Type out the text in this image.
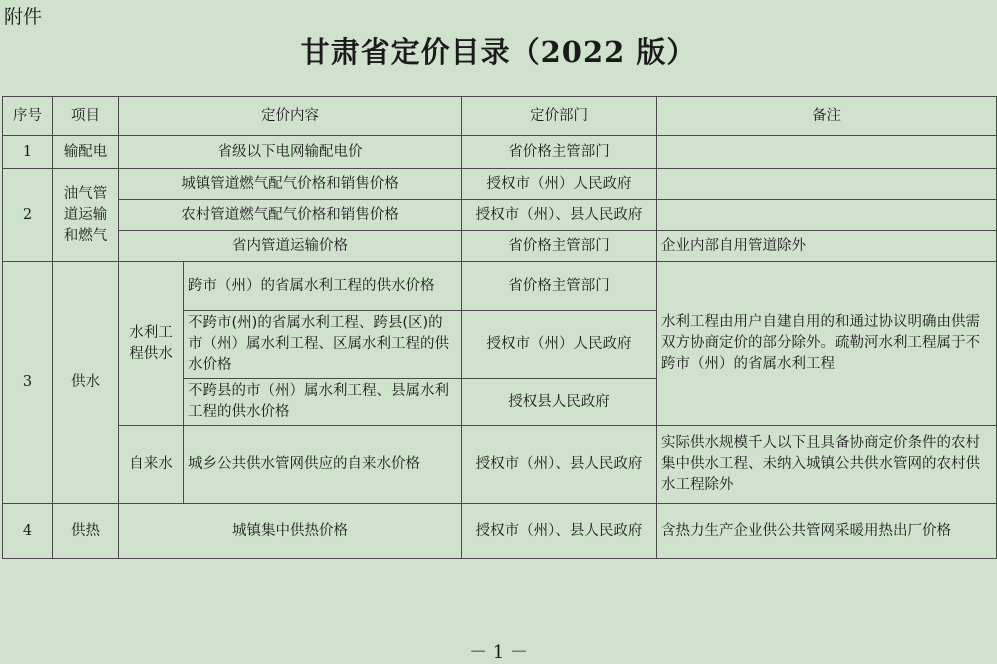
附件
甘肃省定价目录（2022 版）
序号	项目	定价内容		定价部门	备注
1	输配电	省级以下电网输配电价		省价格主管部门	
2	油气管道运输和燃气	城镇管道燃气配气价格和销售价格		授权市（州）人民政府	
		农村管道燃气配气价格和销售价格		授权市（州）、县人民政府	
		省内管道运输价格		省价格主管部门	企业内部自用管道除外
3	供水	水利工程供水	跨市（州）的省属水利工程的供水价格	省价格主管部门	水利工程由用户自建自用的和通过协议明确由供需双方协商定价的部分除外。疏勒河水利工程属于不跨市（州）的省属水利工程
			不跨市(州)的省属水利工程、跨县(区)的市（州）属水利工程、区属水利工程的供水价格	授权市（州）人民政府	
			不跨县的市（州）属水利工程、县属水利工程的供水价格	授权县人民政府	
		自来水	城乡公共供水管网供应的自来水价格	授权市（州）、县人民政府	实际供水规模千人以下且具备协商定价条件的农村集中供水工程、未纳入城镇公共供水管网的农村供水工程除外
4	供热	城镇集中供热价格		授权市（州）、县人民政府	含热力生产企业供公共管网采暖用热出厂价格
－ 1 －
